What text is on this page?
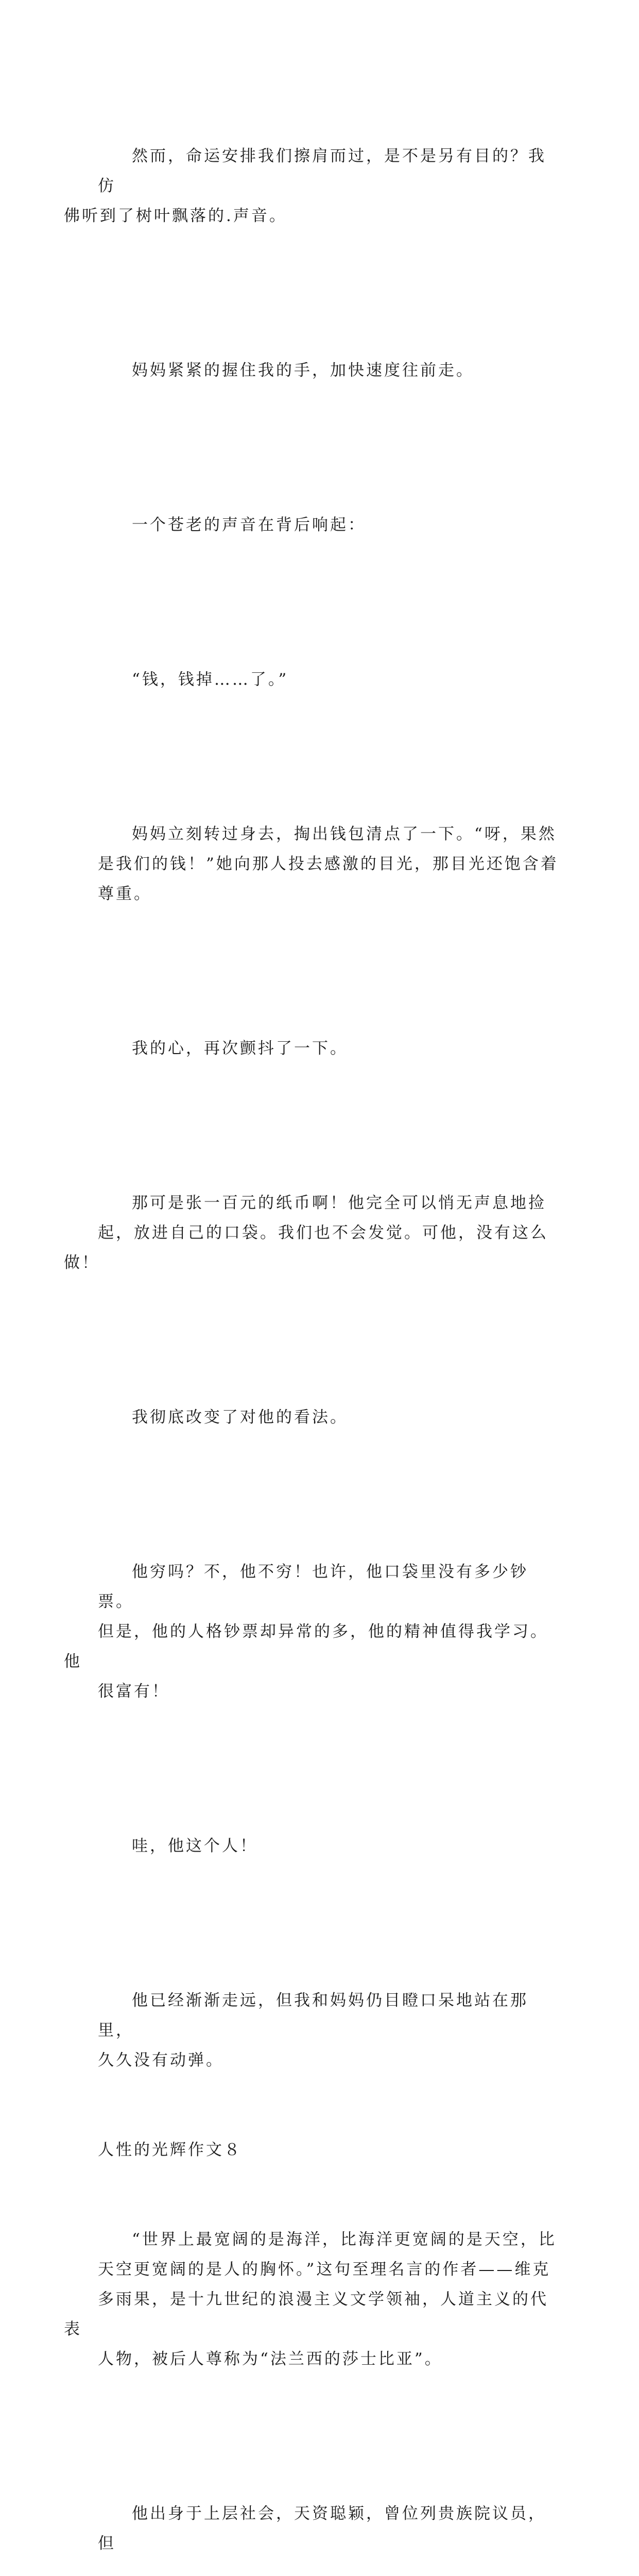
然而，命运安排我们擦肩而过，是不是另有目的？我仿
佛听到了树叶飘落的.声音。

妈妈紧紧的握住我的手，加快速度往前走。

一个苍老的声音在背后响起：

“钱，钱掉……了。”

妈妈立刻转过身去，掏出钱包清点了一下。“呀，果然
是我们的钱！”她向那人投去感激的目光，那目光还饱含着
尊重。

我的心，再次颤抖了一下。

那可是张一百元的纸币啊！他完全可以悄无声息地捡
起，放进自己的口袋。我们也不会发觉。可他，没有这么做！

我彻底改变了对他的看法。

他穷吗？不，他不穷！也许，他口袋里没有多少钞票。
但是，他的人格钞票却异常的多，他的精神值得我学习。他
很富有！

哇，他这个人！

他已经渐渐走远，但我和妈妈仍目瞪口呆地站在那里，
久久没有动弹。

人性的光辉作文８

“世界上最宽阔的是海洋，比海洋更宽阔的是天空，比
天空更宽阔的是人的胸怀。”这句至理名言的作者——维克
多雨果，是十九世纪的浪漫主义文学领袖，人道主义的代表
人物，被后人尊称为“法兰西的莎士比亚”。

他出身于上层社会，天资聪颖，曾位列贵族院议员，但
